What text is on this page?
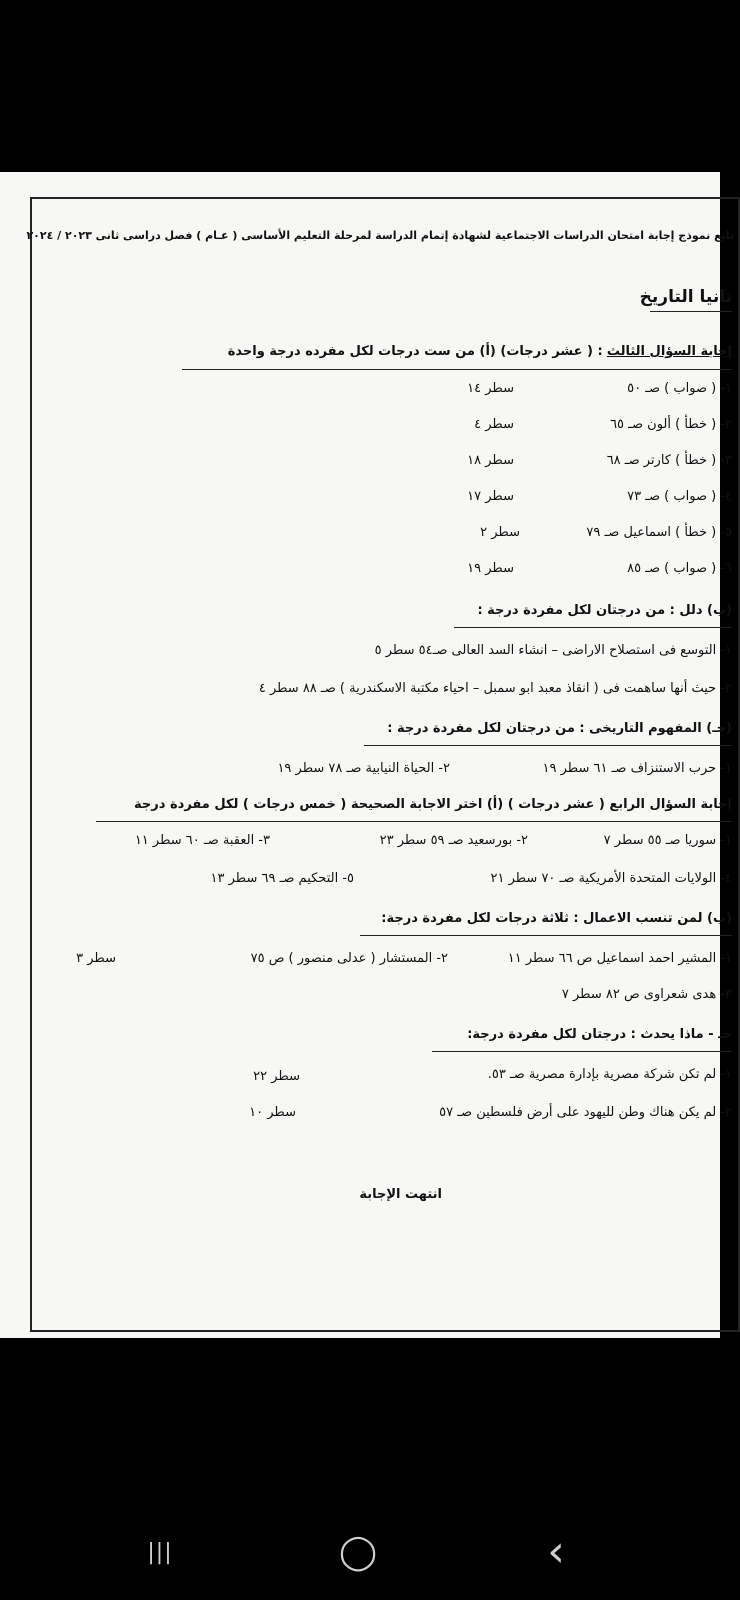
تابع نموذج إجابة امتحان الدراسات الاجتماعية لشهادة إتمام الدراسة لمرحلة التعليم الأساسى ( عـام ) فصل دراسى ثانى ٢٠٢٣ / ٢٠٢٤
ثانيا التاريخ
إجابة السؤال الثالث : ( عشر درجات) (أ) من ست درجات لكل مفرده درجة واحدة
١- ( صواب ) صـ ٥٠
سطر ١٤
٢- ( خطأ ) ألون صـ ٦٥
سطر ٤
٣- ( خطأ ) كارتر صـ ٦٨
سطر ١٨
٤- ( صواب ) صـ ٧٣
سطر ١٧
٥- ( خطأ ) اسماعيل صـ ٧٩
سطر ٢
٦- ( صواب ) صـ ٨٥
سطر ١٩
(ب) دلل : من درجتان لكل مفردة درجة :
١- التوسع فى استصلاح الاراضى – انشاء السد العالى صـ٥٤ سطر ٥
٢- حيث أنها ساهمت فى ( انقاذ معبد ابو سمبل – احياء مكتبة الاسكندرية ) صـ ٨٨ سطر ٤
(جـ) المفهوم التاريخى : من درجتان لكل مفردة درجة :
١- حرب الاستنزاف صـ ٦١ سطر ١٩
٢- الحياة النيابية صـ ٧٨ سطر ١٩
إجابة السؤال الرابع ( عشر درجات ) (أ) اختر الاجابة الصحيحة ( خمس درجات ) لكل مفردة درجة
١- سوريا صـ ٥٥ سطر ٧
٢- بورسعيد صـ ٥٩ سطر ٢٣
٣- العقبة صـ ٦٠ سطر ١١
٤- الولايات المتحدة الأمريكية صـ ٧٠ سطر ٢١
٥- التحكيم صـ ٦٩ سطر ١٣
(ب) لمن تنسب الاعمال : ثلاثة درجات لكل مفردة درجة:
١- المشير احمد اسماعيل ص ٦٦ سطر ١١
٢- المستشار ( عدلى منصور ) ص ٧٥
سطر ٣
٣- هدى شعراوى ص ٨٢ سطر ٧
جـ - ماذا يحدث : درجتان لكل مفردة درجة:
١- لم تكن شركة مصرية بإدارة مصرية صـ ٥٣.
سطر ٢٢
٢- لم يكن هناك وطن لليهود على أرض فلسطين صـ ٥٧
سطر ١٠
انتهت الإجابة
|||	◯	‹
